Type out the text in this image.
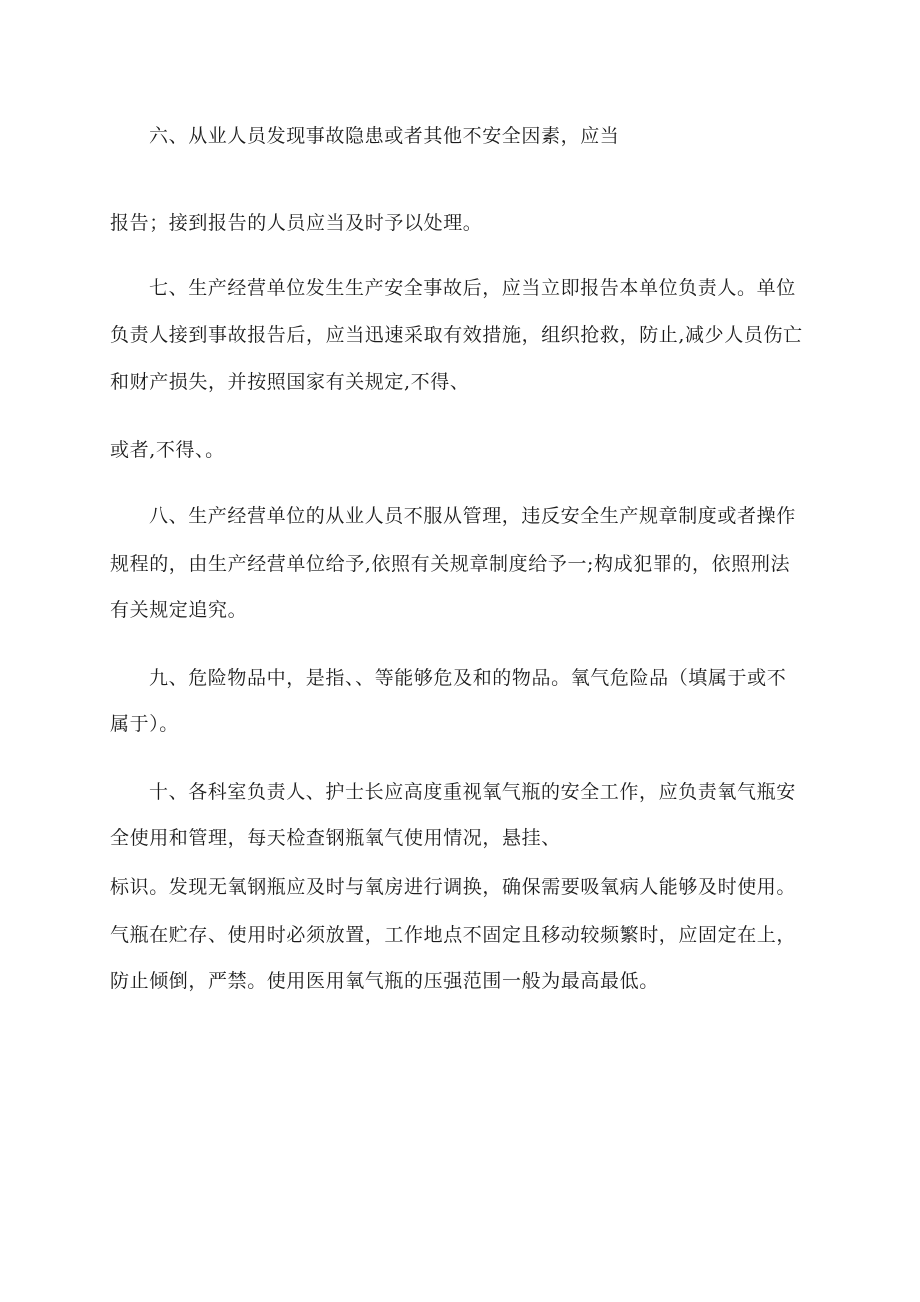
六、从业人员发现事故隐患或者其他不安全因素，应当
报告；接到报告的人员应当及时予以处理。
七、生产经营单位发生生产安全事故后，应当立即报告本单位负责人。单位
负责人接到事故报告后，应当迅速采取有效措施，组织抢救，防止,减少人员伤亡
和财产损失，并按照国家有关规定,不得、
或者,不得、。
八、生产经营单位的从业人员不服从管理，违反安全生产规章制度或者操作
规程的，由生产经营单位给予,依照有关规章制度给予一;构成犯罪的，依照刑法
有关规定追究。
九、危险物品中，是指、、等能够危及和的物品。氧气危险品（填属于或不
属于）。
十、各科室负责人、护士长应高度重视氧气瓶的安全工作，应负责氧气瓶安
全使用和管理，每天检查钢瓶氧气使用情况，悬挂、
标识。发现无氧钢瓶应及时与氧房进行调换，确保需要吸氧病人能够及时使用。
气瓶在贮存、使用时必须放置，工作地点不固定且移动较频繁时，应固定在上，
防止倾倒，严禁。使用医用氧气瓶的压强范围一般为最高最低。
